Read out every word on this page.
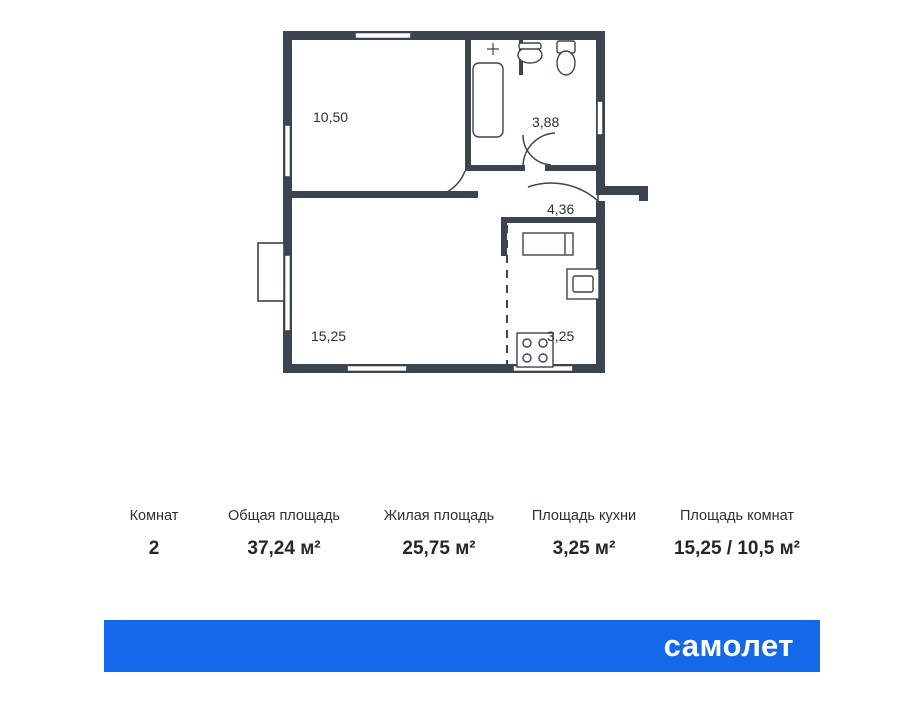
10,50	3,88
4,36
15,25	3,25
Комнат
2
Общая площадь
37,24 м²
Жилая площадь
25,75 м²
Площадь кухни
3,25 м²
Площадь комнат
15,25 / 10,5 м²
самолет
